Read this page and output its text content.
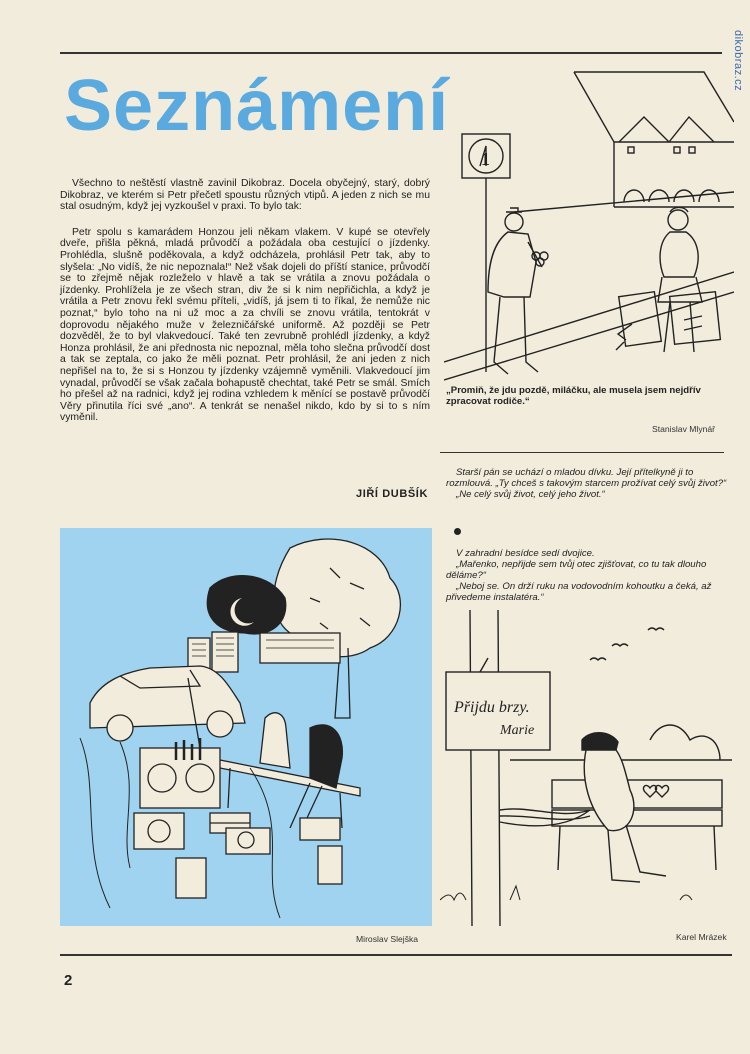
dikobraz.cz
Seznámení

Všechno to neštěstí vlastně zavinil Dikobraz. Docela obyčejný, starý, dobrý Dikobraz, ve kterém si Petr přečetl spoustu různých vtipů. A jeden z nich se mu stal osudným, když jej vyzkoušel v praxi. To bylo tak:

Petr spolu s kamarádem Honzou jeli někam vlakem. V kupé se otevřely dveře, přišla pěkná, mladá průvodčí a požádala oba cestující o jízdenky. Prohlédla, slušně poděkovala, a když odcházela, prohlásil Petr tak, aby to slyšela: „No vidíš, že nic nepoznala!“ Než však dojeli do příští stanice, průvodčí se to zřejmě nějak rozleželo v hlavě a tak se vrátila a znovu požádala o jízdenky. Prohlížela je ze všech stran, div že si k nim nepřičichla, a když je vrátila a Petr znovu řekl svému příteli, „vidíš, já jsem ti to říkal, že nemůže nic poznat,“ bylo toho na ni už moc a za chvíli se znovu vrátila, tentokrát v doprovodu nějakého muže v železničářské uniformě. Až později se Petr dozvěděl, že to byl vlakvedoucí. Také ten zevrubně prohlédl jízdenky, a když Honza prohlásil, že ani přednosta nic nepoznal, měla toho slečna průvodčí dost a tak se zeptala, co jako že měli poznat. Petr prohlásil, že ani jeden z nich nepřišel na to, že si s Honzou ty jízdenky vzájemně vyměnili. Vlakvedoucí jim vynadal, průvodčí se však začala bohapustě chechtat, také Petr se smál. Smích ho přešel až na radnici, když jej rodina vzhledem k měnící se postavě průvodčí Věry přinutila říci své „ano“. A tenkrát se nenašel nikdo, kdo by si to s ním vyměnil.

JIŘÍ DUBŠÍK
1
„Promiň, že jdu pozdě, miláčku, ale musela jsem nejdřív zpracovat rodiče.“
Stanislav Mlynář

Starší pán se uchází o mladou dívku. Její přítelkyně ji to rozmlouvá. „Ty chceš s takovým starcem prožívat celý svůj život?“

„Ne celý svůj život, celý jeho život.“

V zahradní besídce sedí dvojice.

„Mařenko, nepřijde sem tvůj otec zjišťovat, co tu tak dlouho děláme?“

„Neboj se. On drží ruku na vodovodním kohoutku a čeká, až přivedeme instalatéra.“

Miroslav Slejška
Přijdu brzy.
Marie
Karel Mrázek
2
